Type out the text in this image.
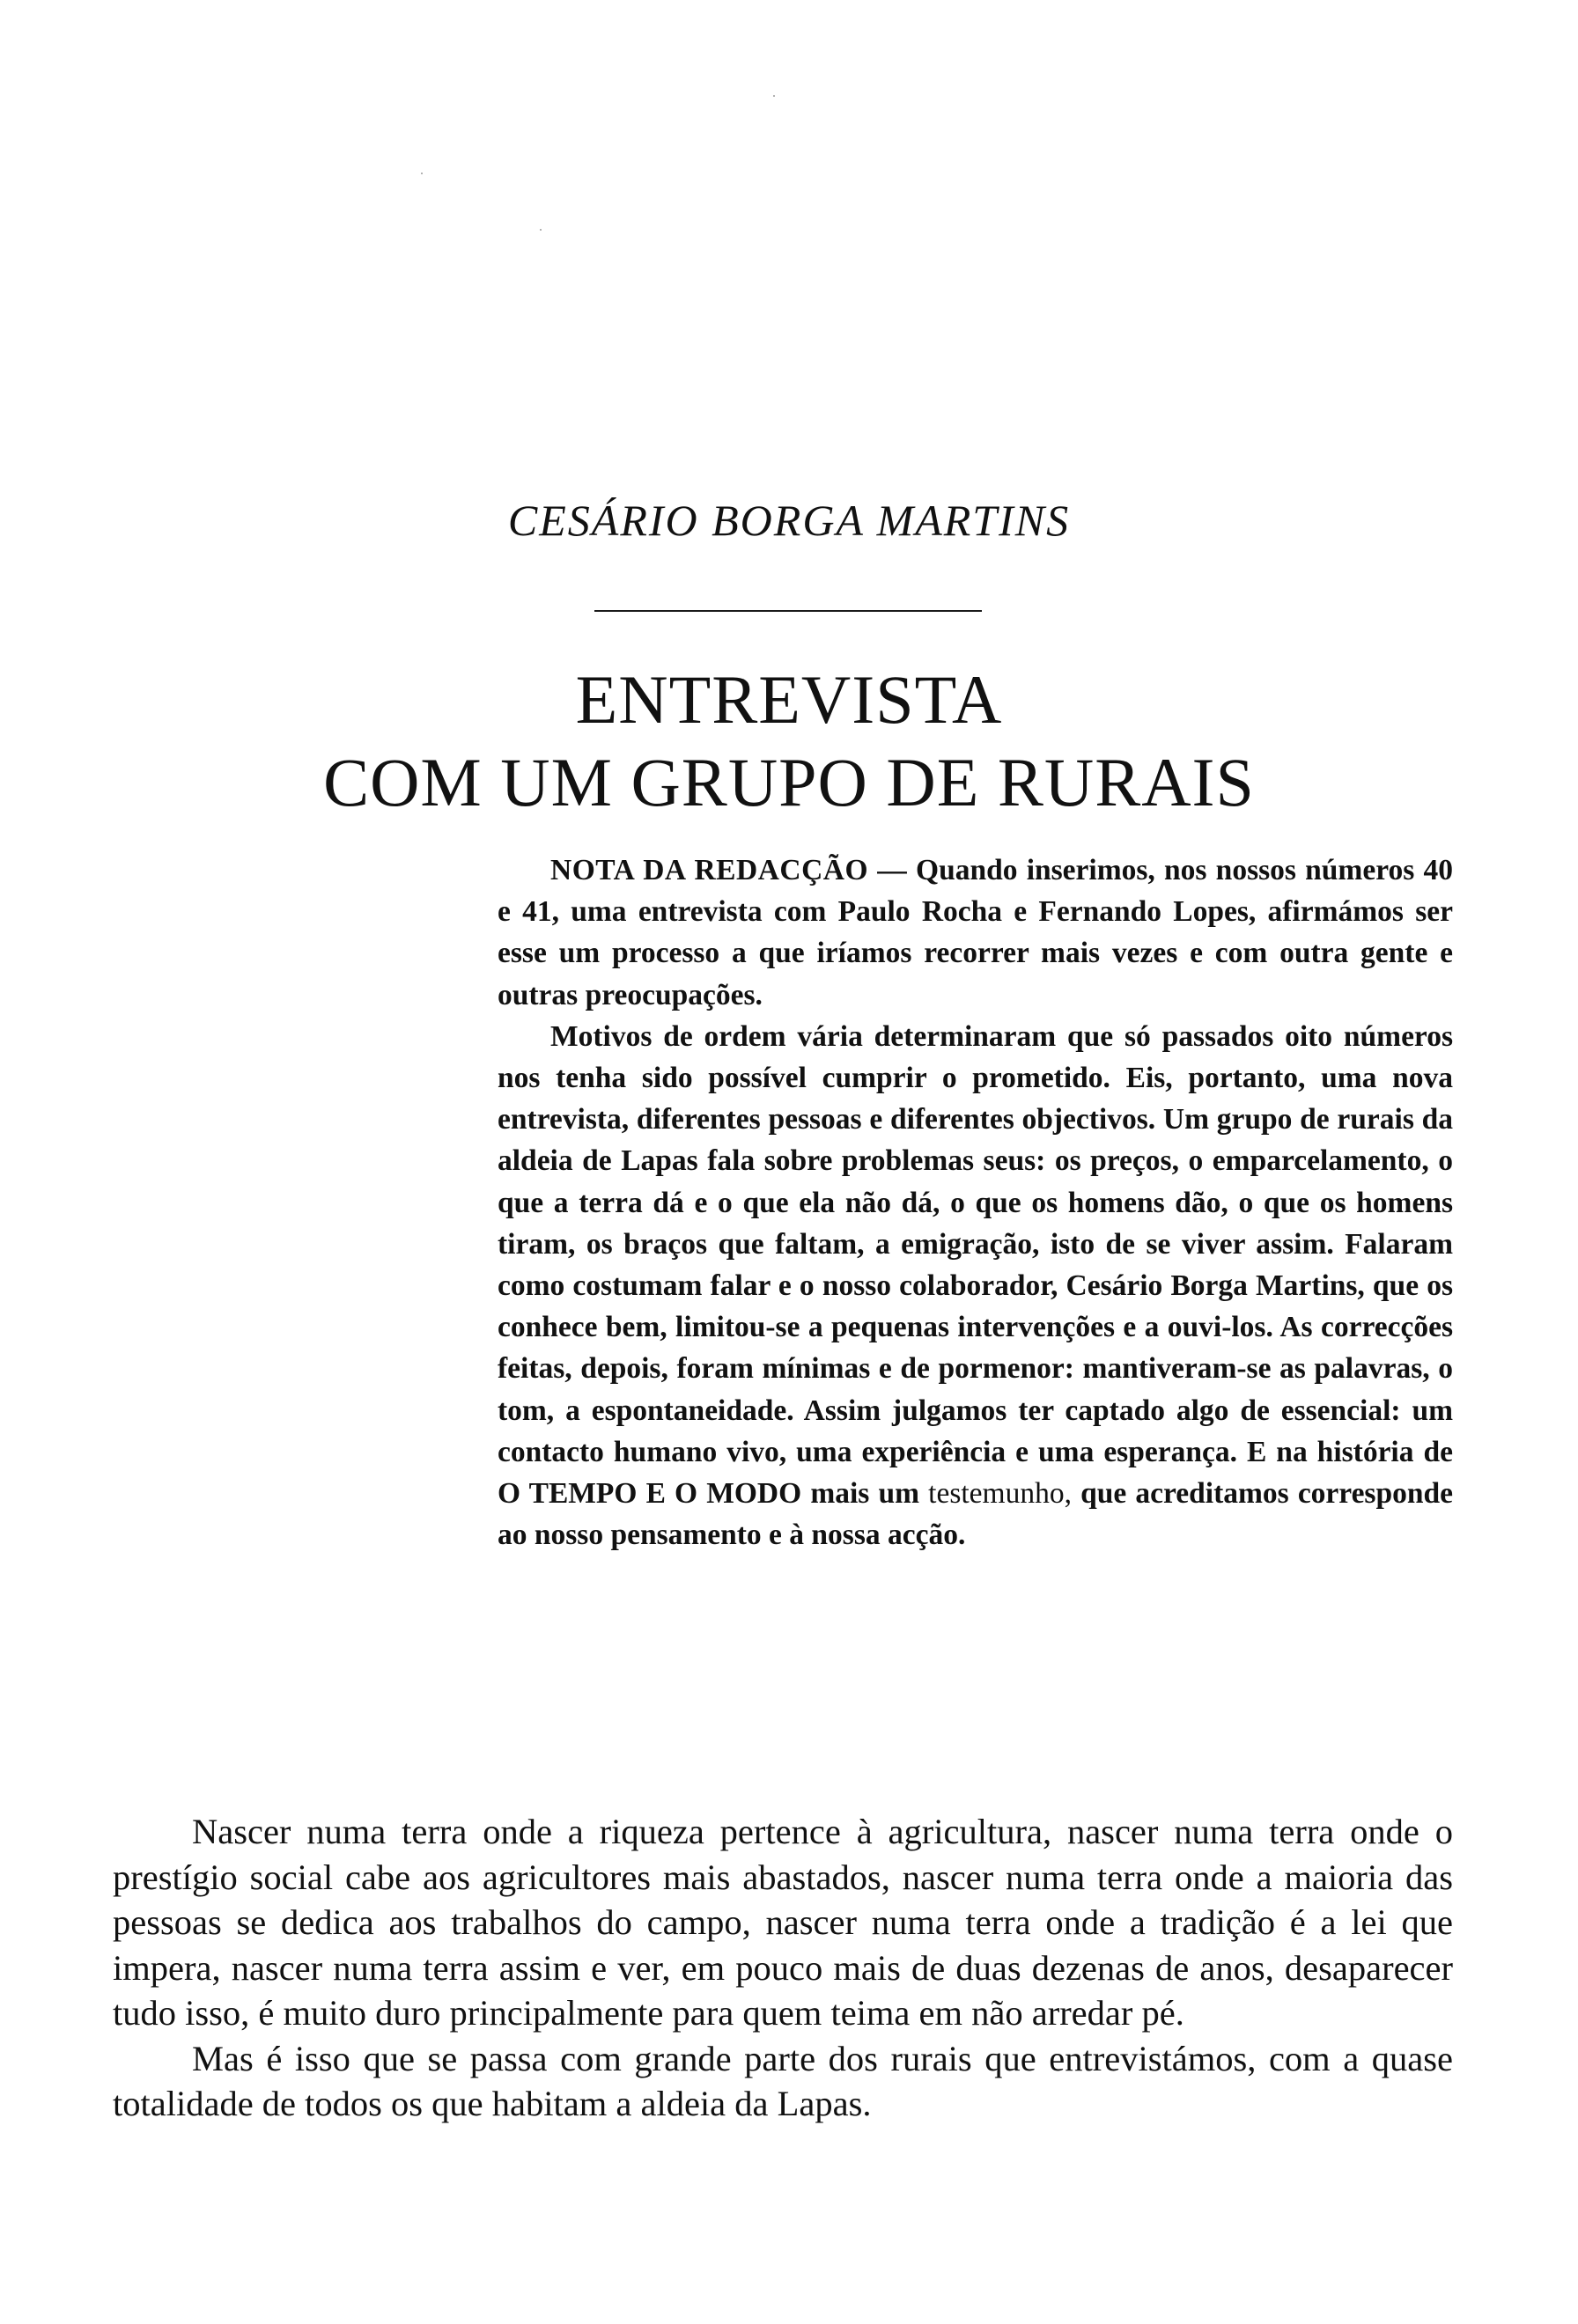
CESÁRIO BORGA MARTINS
ENTREVISTA
COM UM GRUPO DE RURAIS

NOTA DA REDACÇÃO — Quando inserimos, nos nossos números 40 e 41, uma entrevista com Paulo Rocha e Fernando Lopes, afirmámos ser esse um processo a que iríamos recorrer mais vezes e com outra gente e outras preocupações.

Motivos de ordem vária determinaram que só passados oito números nos tenha sido possível cumprir o prometido. Eis, portanto, uma nova entrevista, diferentes pessoas e diferentes objectivos. Um grupo de rurais da aldeia de Lapas fala sobre problemas seus: os preços, o emparcelamento, o que a terra dá e o que ela não dá, o que os homens dão, o que os homens tiram, os braços que faltam, a emigração, isto de se viver assim. Falaram como costumam falar e o nosso colaborador, Cesário Borga Martins, que os conhece bem, limitou-se a pequenas intervenções e a ouvi-los. As correcções feitas, depois, foram mínimas e de pormenor: mantiveram-se as palavras, o tom, a espontaneidade. Assim julgamos ter captado algo de essencial: um contacto humano vivo, uma experiência e uma esperança. E na história de O TEMPO E O MODO mais um testemunho, que acreditamos corresponde ao nosso pensamento e à nossa acção.

Nascer numa terra onde a riqueza pertence à agricultura, nascer numa terra onde o prestígio social cabe aos agricultores mais abastados, nascer numa terra onde a maioria das pessoas se dedica aos trabalhos do campo, nascer numa terra onde a tradição é a lei que impera, nascer numa terra assim e ver, em pouco mais de duas dezenas de anos, desaparecer tudo isso, é muito duro principalmente para quem teima em não arredar pé.

Mas é isso que se passa com grande parte dos rurais que entrevistámos, com a quase totalidade de todos os que habitam a aldeia da Lapas.
